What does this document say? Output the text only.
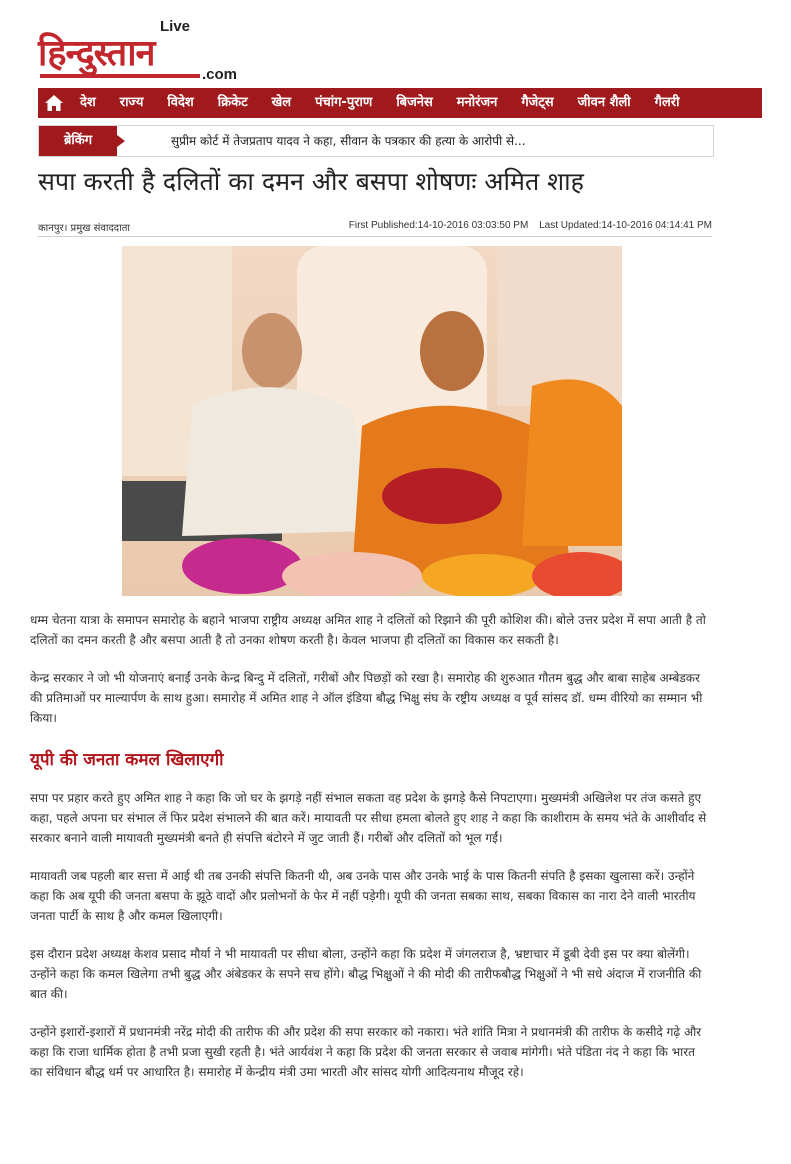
Live
हिन्दुस्तान
.com
देश	राज्य	विदेश	क्रिकेट	खेल	पंचांग-पुराण	बिजनेस	मनोरंजन	गैजेट्स	जीवन शैली	गैलरी
ब्रेकिंग	सुप्रीम कोर्ट में तेजप्रताप यादव ने कहा, सीवान के पत्रकार की हत्या के आरोपी से...
सपा करती है दलितों का दमन और बसपा शोषणः अमित शाह
कानपुर। प्रमुख संवाददाता	First Published:14-10-2016 03:03:50 PM Last Updated:14-10-2016 04:14:41 PM

धम्म चेतना यात्रा के समापन समारोह के बहाने भाजपा राष्ट्रीय अध्यक्ष अमित शाह ने दलितों को रिझाने की पूरी कोशिश की। बोले उत्तर प्रदेश में सपा आती है तो दलितों का दमन करती है और बसपा आती है तो उनका शोषण करती है। केवल भाजपा ही दलितों का विकास कर सकती है।

केन्द्र सरकार ने जो भी योजनाएं बनाईं उनके केन्द्र बिन्दु में दलितों, गरीबों और पिछड़ों को रखा है। समारोह की शुरुआत गौतम बुद्ध और बाबा साहेब अम्बेडकर की प्रतिमाओं पर माल्यार्पण के साथ हुआ। समारोह में अमित शाह ने ऑल इंडिया बौद्ध भिक्षु संघ के रष्ट्रीय अध्यक्ष व पूर्व सांसद डॉ. धम्म वीरियो का सम्मान भी किया।

यूपी की जनता कमल खिलाएगी

सपा पर प्रहार करते हुए अमित शाह ने कहा कि जो घर के झगड़े नहीं संभाल सकता वह प्रदेश के झगड़े कैसे निपटाएगा। मुख्यमंत्री अखिलेश पर तंज कसते हुए कहा, पहले अपना घर संभाल लें फिर प्रदेश संभालने की बात करें। मायावती पर सीधा हमला बोलते हुए शाह ने कहा कि काशीराम के समय भंते के आशीर्वाद से सरकार बनाने वाली मायावती मुख्यमंत्री बनते ही संपत्ति बंटोरने में जुट जाती हैं। गरीबों और दलितों को भूल गईं।

मायावती जब पहली बार सत्ता में आई थी तब उनकी संपत्ति कितनी थी, अब उनके पास और उनके भाई के पास कितनी संपति है इसका खुलासा करें। उन्होंने कहा कि अब यूपी की जनता बसपा के झूठे वादों और प्रलोभनों के फेर में नहीं पड़ेगी। यूपी की जनता सबका साथ, सबका विकास का नारा देने वाली भारतीय जनता पार्टी के साथ है और कमल खिलाएगी।

इस दौरान प्रदेश अध्यक्ष केशव प्रसाद मौर्या ने भी मायावती पर सीधा बोला, उन्होंने कहा कि प्रदेश में जंगलराज है, भ्रष्टाचार में डूबी देवी इस पर क्या बोलेंगी। उन्होंने कहा कि कमल खिलेगा तभी बुद्ध और अंबेडकर के सपने सच होंगे। बौद्ध भिक्षुओं ने की मोदी की तारीफबौद्ध भिक्षुओं ने भी सधे अंदाज में राजनीति की बात की।

उन्होंने इशारों-इशारों में प्रधानमंत्री नरेंद्र मोदी की तारीफ की और प्रदेश की सपा सरकार को नकारा। भंते शांति मित्रा ने प्रधानमंत्री की तारीफ के कसीदे गढ़े और कहा कि राजा धार्मिक होता है तभी प्रजा सुखी रहती है। भंते आर्यवंश ने कहा कि प्रदेश की जनता सरकार से जवाब मांगेगी। भंते पंडिता नंद ने कहा कि भारत का संविधान बौद्ध धर्म पर आधारित है। समारोह में केन्द्रीय मंत्री उमा भारती और सांसद योगी आदित्यनाथ मौजूद रहे।
